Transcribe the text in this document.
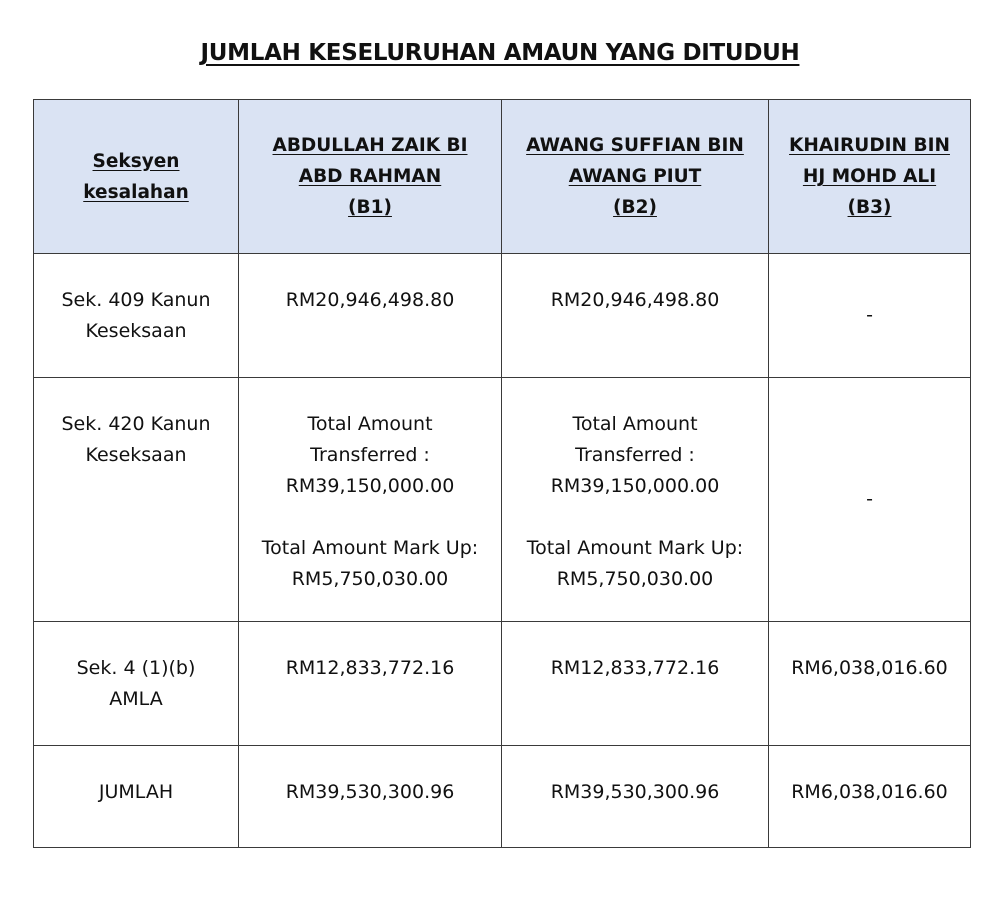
JUMLAH KESELURUHAN AMAUN YANG DITUDUH
Seksyen
kesalahan	ABDULLAH ZAIK BI
ABD RAHMAN
(B1)	AWANG SUFFIAN BIN
AWANG PIUT
(B2)	KHAIRUDIN BIN
HJ MOHD ALI
(B3)

Sek. 409 Kanun
Keseksaan	RM20,946,498.80	RM20,946,498.80	-

Sek. 420 Kanun
Keseksaan	Total Amount
Transferred :
RM39,150,000.00
Total Amount Mark Up:
RM5,750,030.00	Total Amount
Transferred :
RM39,150,000.00
Total Amount Mark Up:
RM5,750,030.00	-

Sek. 4 (1)(b)
AMLA	RM12,833,772.16	RM12,833,772.16	RM6,038,016.60
JUMLAH	RM39,530,300.96	RM39,530,300.96	RM6,038,016.60
